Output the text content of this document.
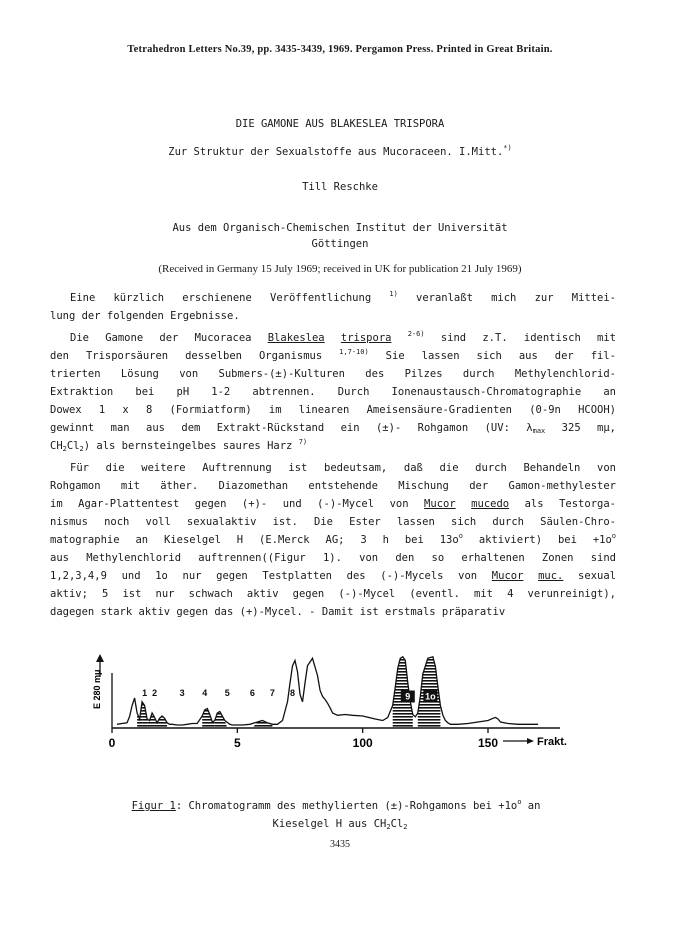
Tetrahedron Letters No.39, pp. 3435-3439, 1969. Pergamon Press. Printed in Great Britain.
DIE GAMONE AUS BLAKESLEA TRISPORA
Zur Struktur der Sexualstoffe aus Mucoraceen. I.Mitt.*)
Till Reschke
Aus dem Organisch-Chemischen Institut der Universität
Göttingen
(Received in Germany 15 July 1969; received in UK for publication 21 July 1969)
Eine kürzlich erschienene Veröffentlichung $^{1)}$ veranlaßt mich zur Mittei-
lung der folgenden Ergebnisse.
Die Gamone der Mucoracea Blakeslea trispora $^{2-6)}$ sind z.T. identisch mit
den Trisporsäuren desselben Organismus $^{1,7-10)}$ Sie lassen sich aus der fil-
trierten Lösung von Submers-(±)-Kulturen des Pilzes durch Methylenchlorid-
Extraktion bei pH 1-2 abtrennen. Durch Ionenaustausch-Chromatographie an
Dowex 1 x 8 (Formiatform) im linearen Ameisensäure-Gradienten (0-9n HCOOH)
gewinnt man aus dem Extrakt-Rückstand ein (±)- Rohgamon (UV: $\lambda_{max}$ 325 mμ,
$CH_2Cl_2$) als bernsteingelbes saures Harz $^{7)}$
Für die weitere Auftrennung ist bedeutsam, daß die durch Behandeln von
Rohgamon mit äther. Diazomethan entstehende Mischung der Gamon-methylester
im Agar-Plattentest gegen (+)- und (-)-Mycel von Mucor mucedo als Testorga-
nismus noch voll sexualaktiv ist. Die Ester lassen sich durch Säulen-Chro-
matographie an Kieselgel H (E.Merck AG; 3 h bei $13o^o$ aktiviert) bei $+1o^o$
aus Methylenchlorid auftrennen((Figur 1). von den so erhaltenen Zonen sind
1,2,3,4,9 und 1o nur gegen Testplatten des (-)-Mycels von Mucor muc. sexual
aktiv; 5 ist nur schwach aktiv gegen (-)-Mycel (eventl. mit 4 verunreinigt),
dagegen stark aktiv gegen das (+)-Mycel. - Damit ist erstmals präparativ
0	5	100	150
1 2	3 4 5 6 7 8	9 1o
E 280 mμ
Frakt.
Figur 1: Chromatogramm des methylierten (±)-Rohgamons bei $+1o^o$ an
Kieselgel H aus $CH_2Cl_2$
3435
